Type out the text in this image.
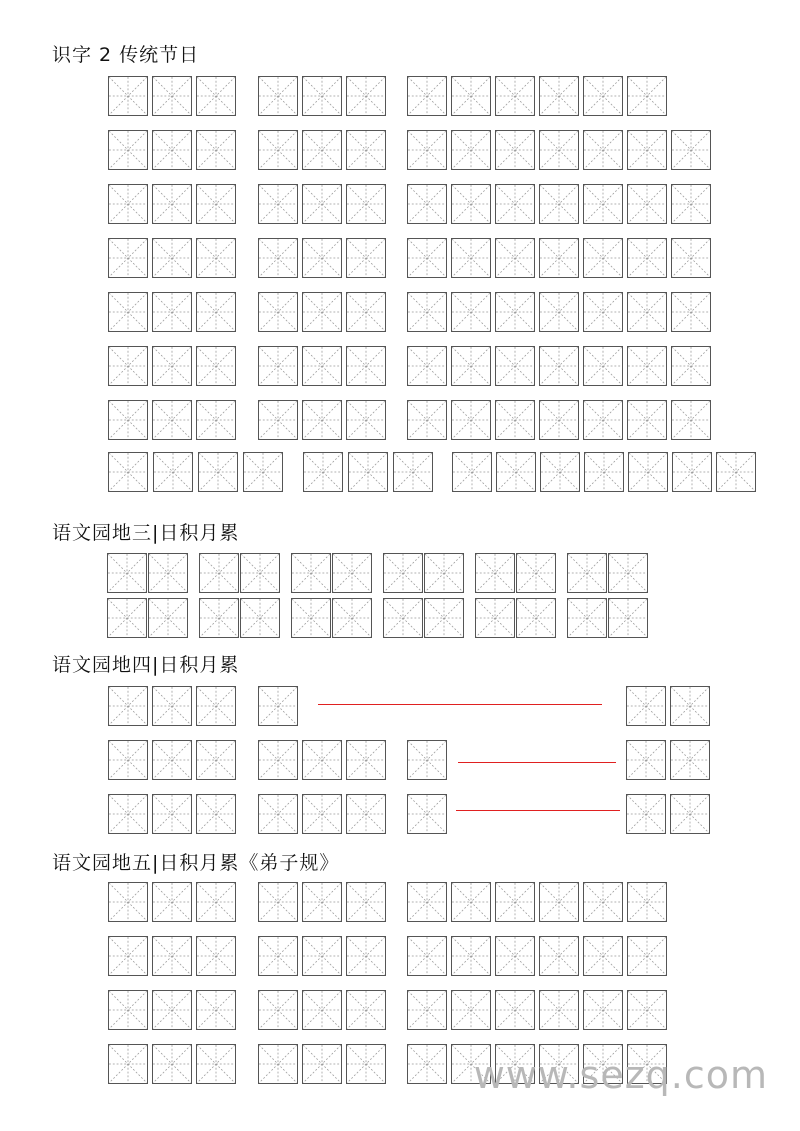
识字 2 传统节日
语文园地三|日积月累
语文园地四|日积月累
语文园地五|日积月累《弟子规》
www.sezq.com
